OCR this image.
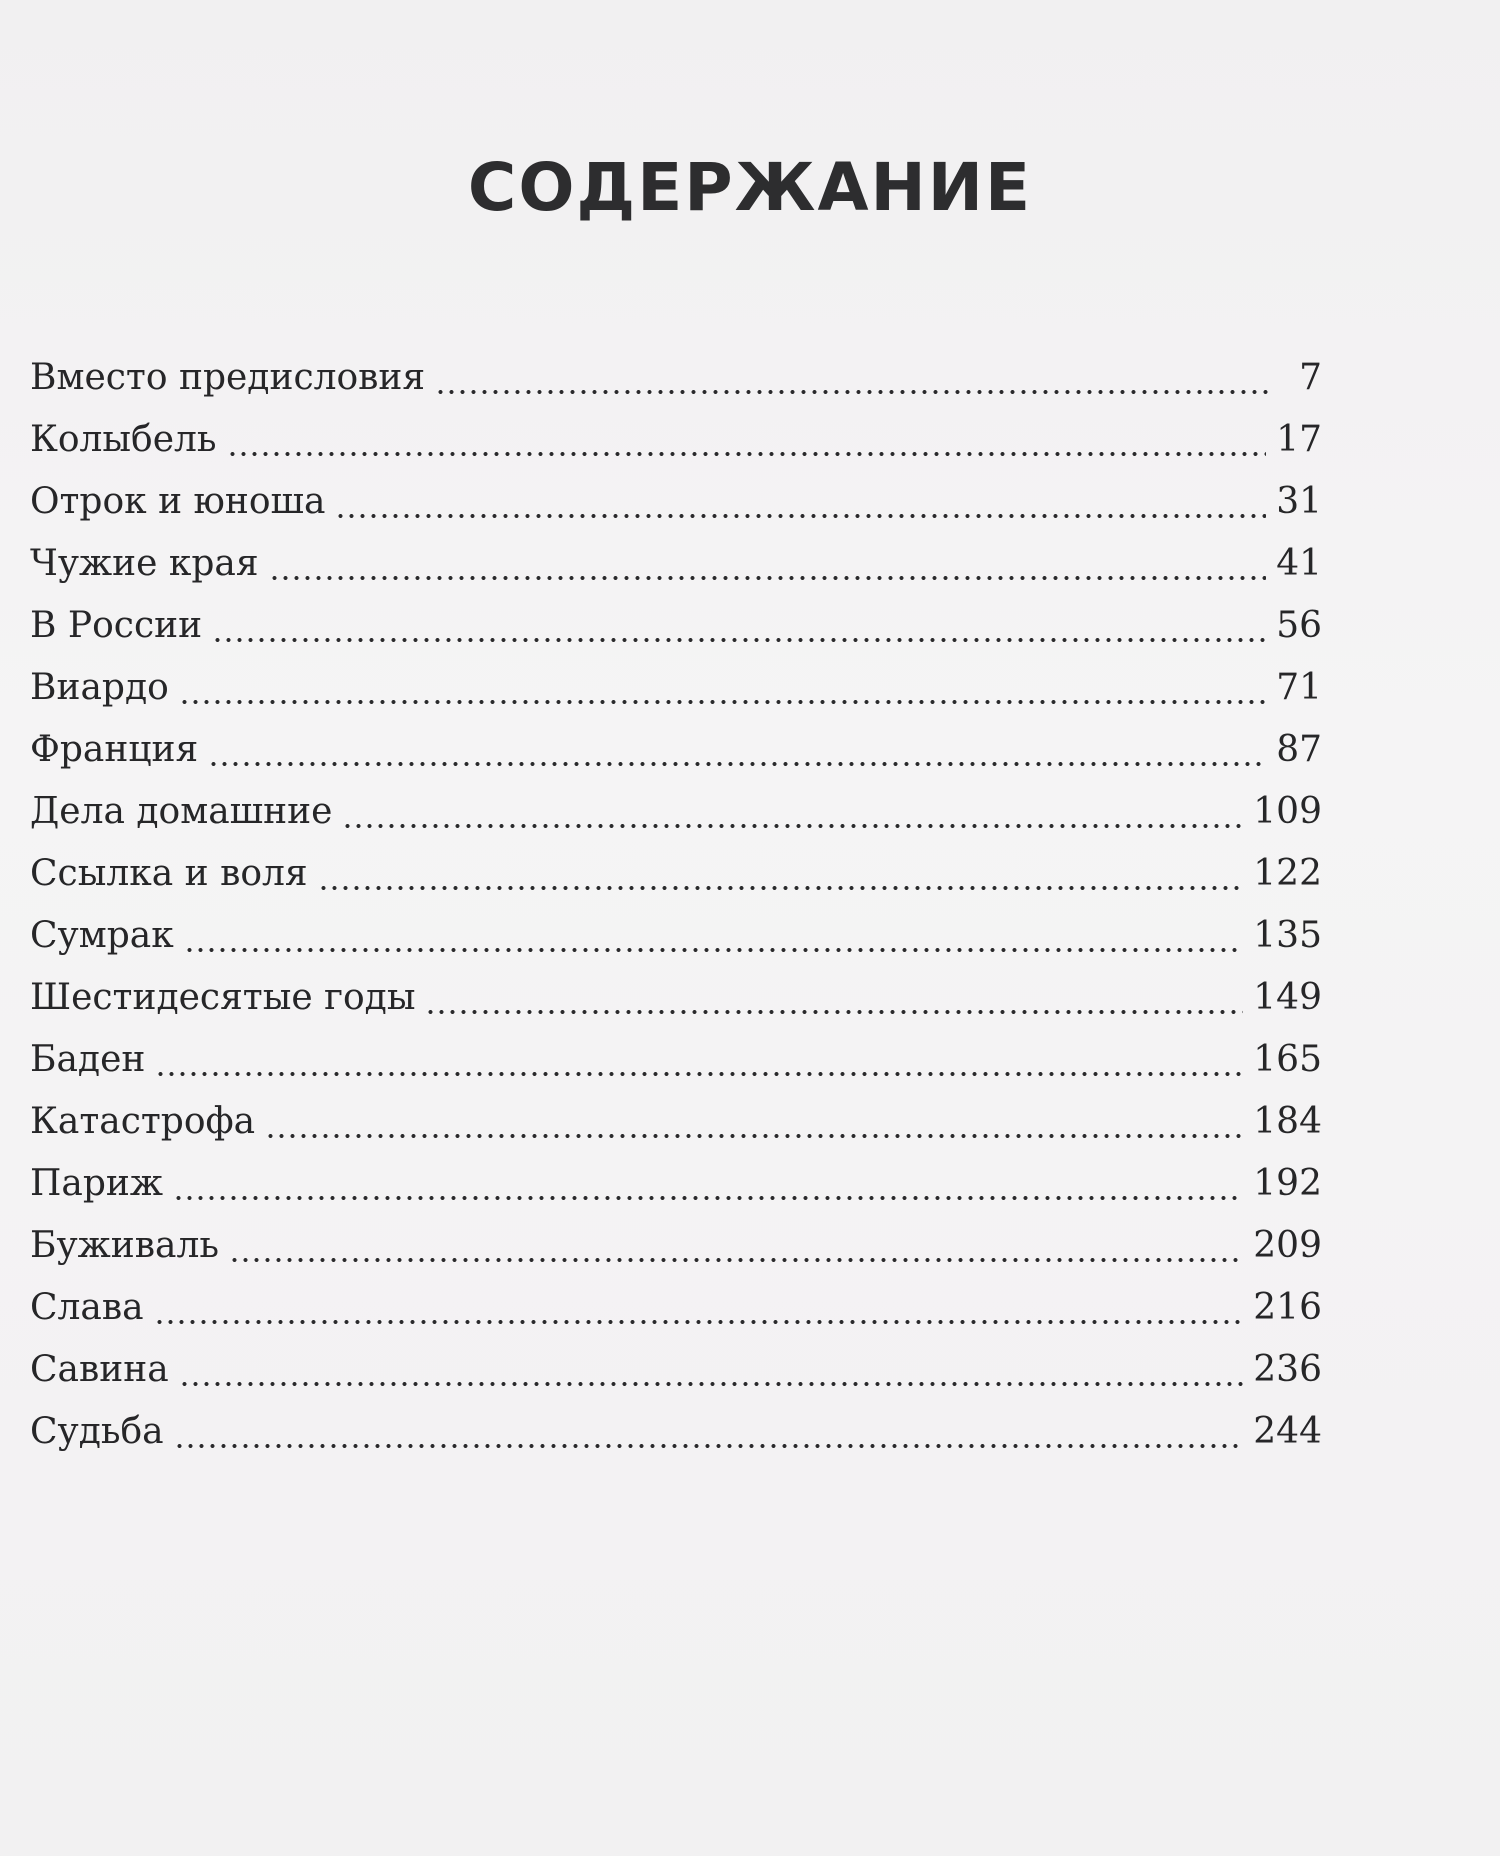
СОДЕРЖАНИЕ
Вместо предисловия	7
Колыбель	17
Отрок и юноша	31
Чужие края	41
В России	56
Виардо	71
Франция	87
Дела домашние	109
Ссылка и воля	122
Сумрак	135
Шестидесятые годы	149
Баден	165
Катастрофа	184
Париж	192
Буживаль	209
Слава	216
Савина	236
Судьба	244
